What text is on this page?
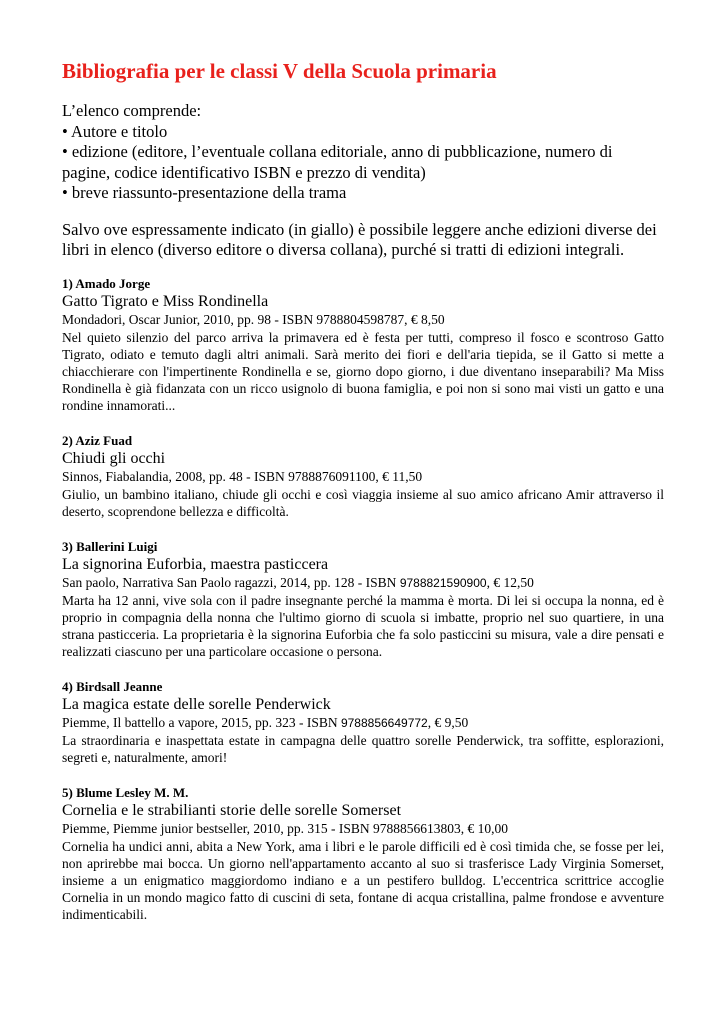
Bibliografia per le classi V della Scuola primaria

L’elenco comprende:
• Autore e titolo
• edizione (editore, l’eventuale collana editoriale, anno di pubblicazione, numero di pagine, codice identificativo ISBN e prezzo di vendita)
• breve riassunto-presentazione della trama

Salvo ove espressamente indicato (in giallo) è possibile leggere anche edizioni diverse dei libri in elenco (diverso editore o diversa collana), purché si tratti di edizioni integrali.

1) Amado Jorge

Gatto Tigrato e Miss Rondinella

Mondadori, Oscar Junior, 2010, pp. 98 - ISBN 9788804598787, € 8,50

Nel quieto silenzio del parco arriva la primavera ed è festa per tutti, compreso il fosco e scontroso Gatto Tigrato, odiato e temuto dagli altri animali. Sarà merito dei fiori e dell'aria tiepida, se il Gatto si mette a chiacchierare con l'impertinente Rondinella e se, giorno dopo giorno, i due diventano inseparabili? Ma Miss Rondinella è già fidanzata con un ricco usignolo di buona famiglia, e poi non si sono mai visti un gatto e una rondine innamorati...

2) Aziz Fuad

Chiudi gli occhi

Sinnos, Fiabalandia, 2008, pp. 48 - ISBN 9788876091100, € 11,50

Giulio, un bambino italiano, chiude gli occhi e così viaggia insieme al suo amico africano Amir attraverso il deserto, scoprendone bellezza e difficoltà.

3) Ballerini Luigi

La signorina Euforbia, maestra pasticcera

San paolo, Narrativa San Paolo ragazzi, 2014, pp. 128 - ISBN 9788821590900, € 12,50

Marta ha 12 anni, vive sola con il padre insegnante perché la mamma è morta. Di lei si occupa la nonna, ed è proprio in compagnia della nonna che l'ultimo giorno di scuola si imbatte, proprio nel suo quartiere, in una strana pasticceria. La proprietaria è la signorina Euforbia che fa solo pasticcini su misura, vale a dire pensati e realizzati ciascuno per una particolare occasione o persona.

4) Birdsall Jeanne

La magica estate delle sorelle Penderwick

Piemme, Il battello a vapore, 2015, pp. 323 - ISBN 9788856649772, € 9,50

La straordinaria e inaspettata estate in campagna delle quattro sorelle Penderwick, tra soffitte, esplorazioni, segreti e, naturalmente, amori!

5) Blume Lesley M. M.

Cornelia e le strabilianti storie delle sorelle Somerset

Piemme, Piemme junior bestseller, 2010, pp. 315 - ISBN 9788856613803, € 10,00

Cornelia ha undici anni, abita a New York, ama i libri e le parole difficili ed è così timida che, se fosse per lei, non aprirebbe mai bocca. Un giorno nell'appartamento accanto al suo si trasferisce Lady Virginia Somerset, insieme a un enigmatico maggiordomo indiano e a un pestifero bulldog. L'eccentrica scrittrice accoglie Cornelia in un mondo magico fatto di cuscini di seta, fontane di acqua cristallina, palme frondose e avventure indimenticabili.
